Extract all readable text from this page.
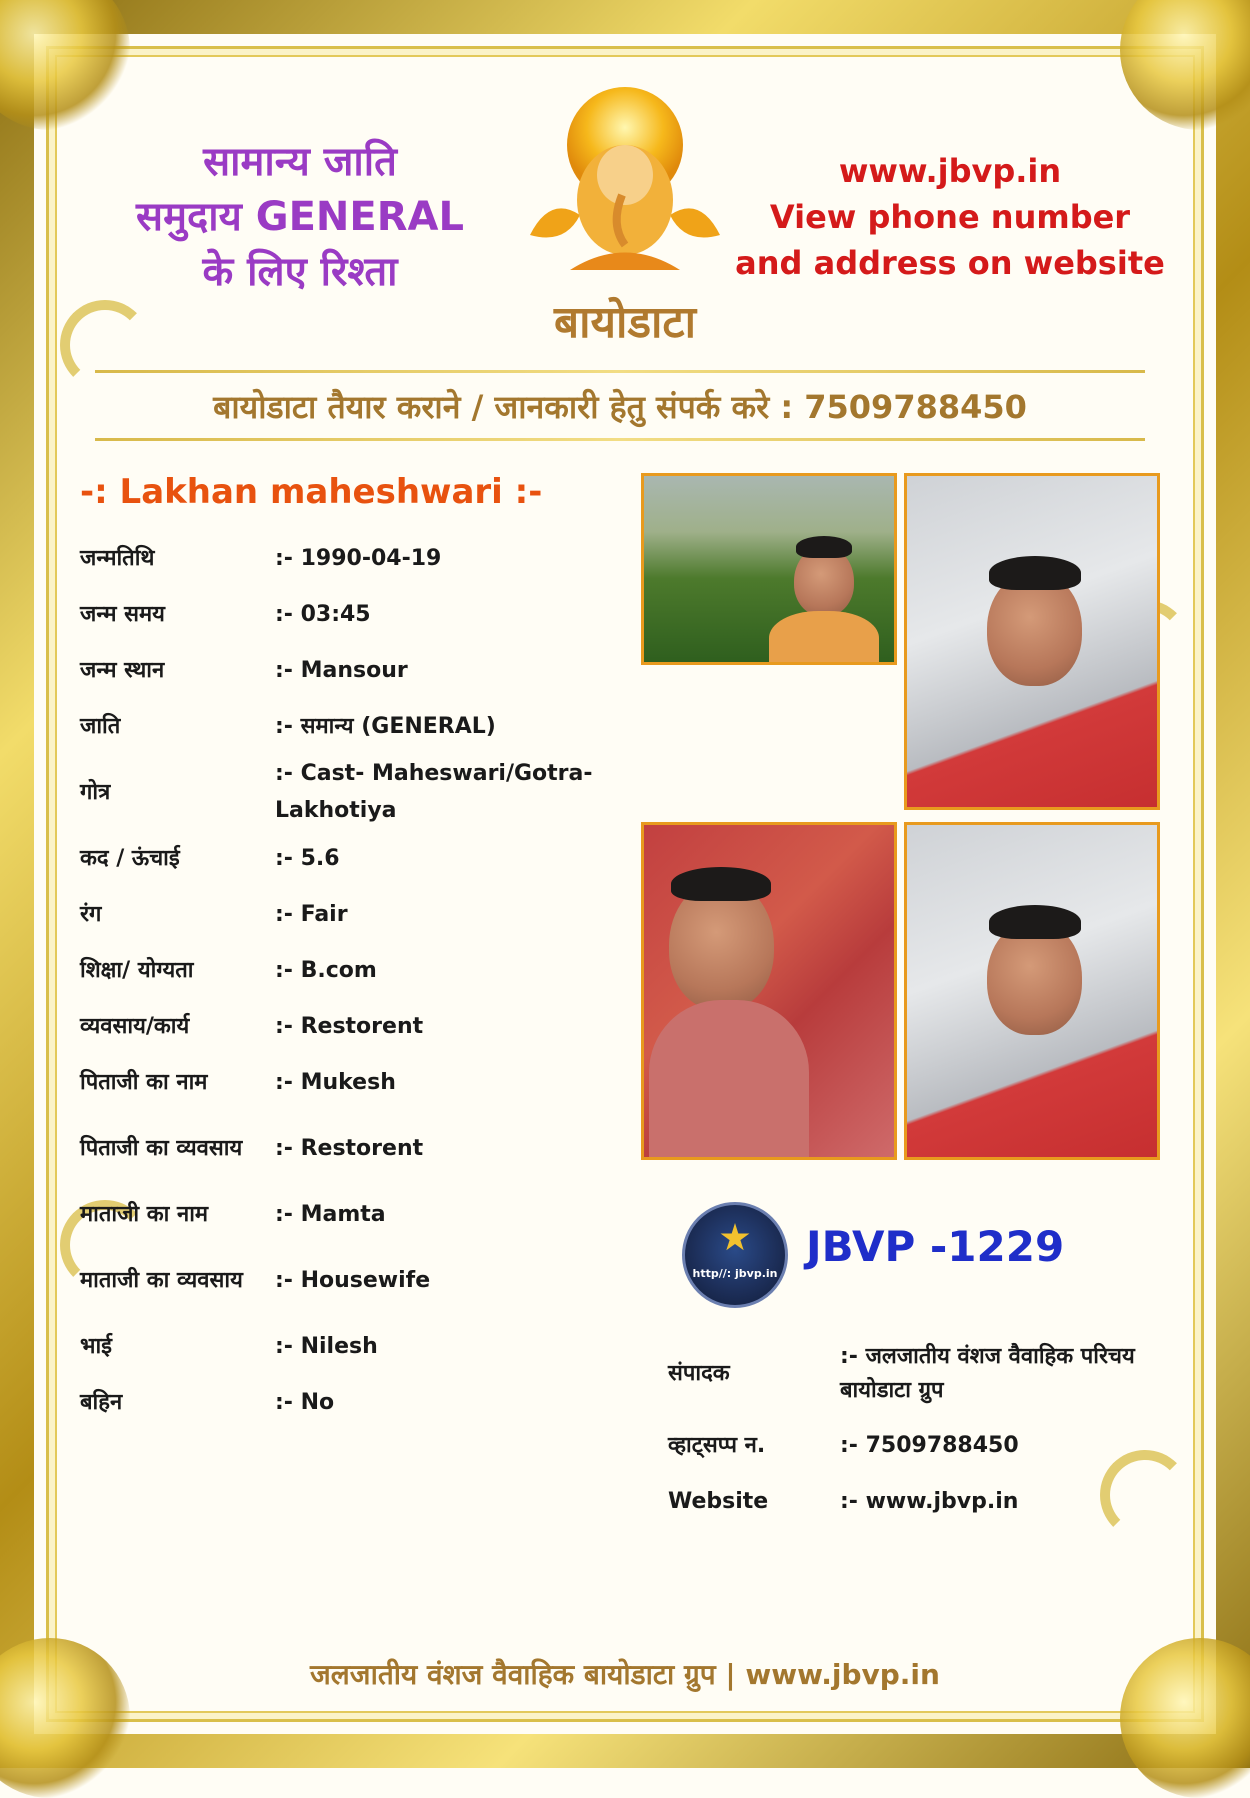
सामान्य जाति
समुदाय GENERAL
के लिए रिश्ता
www.jbvp.in
View phone number
and address on website
बायोडाटा
बायोडाटा तैयार कराने / जानकारी हेतु संपर्क करे : 7509788450
-: Lakhan maheshwari :-
जन्मतिथि	:- 1990-04-19
जन्म समय	:- 03:45
जन्म स्थान	:- Mansour
जाति	:- समान्य (GENERAL)
गोत्र	:- Cast- Maheswari/Gotra-Lakhotiya
कद / ऊंचाई	:- 5.6
रंग	:- Fair
शिक्षा/ योग्यता	:- B.com
व्यवसाय/कार्य	:- Restorent
पिताजी का नाम	:- Mukesh
पिताजी का व्यवसाय	:- Restorent
माताजी का नाम	:- Mamta
माताजी का व्यवसाय	:- Housewife
भाई	:- Nilesh
बहिन	:- No
http//: jbvp.in
JBVP -1229
संपादक	:- जलजातीय वंशज वैवाहिक परिचय बायोडाटा ग्रुप
व्हाट्सप्प न.	:- 7509788450
Website	:- www.jbvp.in
जलजातीय वंशज वैवाहिक बायोडाटा ग्रुप | www.jbvp.in
